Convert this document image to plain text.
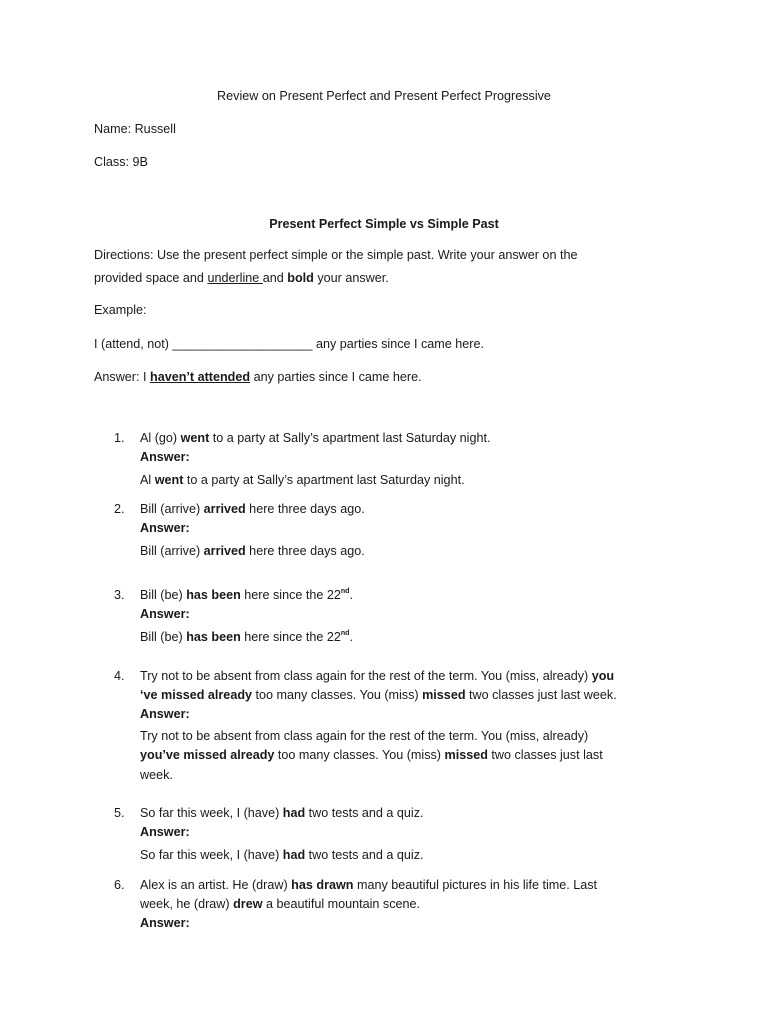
Review on Present Perfect and Present Perfect Progressive
Name: Russell
Class: 9B
Present Perfect Simple vs Simple Past
Directions: Use the present perfect simple or the simple past. Write your answer on the
provided space and underline and bold your answer.
Example:
I (attend, not) ____________________ any parties since I came here.
Answer: I haven’t attended any parties since I came here.
1.	Al (go) went to a party at Sally’s apartment last Saturday night.
Answer:
Al went to a party at Sally’s apartment last Saturday night.
2.	Bill (arrive) arrived here three days ago.
Answer:
Bill (arrive) arrived here three days ago.
3.	Bill (be) has been here since the 22nd.
Answer:
Bill (be) has been here since the 22nd.
4.	Try not to be absent from class again for the rest of the term. You (miss, already) you
‘ve missed already too many classes. You (miss) missed two classes just last week.
Answer:
Try not to be absent from class again for the rest of the term. You (miss, already)
you’ve missed already too many classes. You (miss) missed two classes just last
week.
5.	So far this week, I (have) had two tests and a quiz.
Answer:
So far this week, I (have) had two tests and a quiz.
6.	Alex is an artist. He (draw) has drawn many beautiful pictures in his life time. Last
week, he (draw) drew a beautiful mountain scene.
Answer:
